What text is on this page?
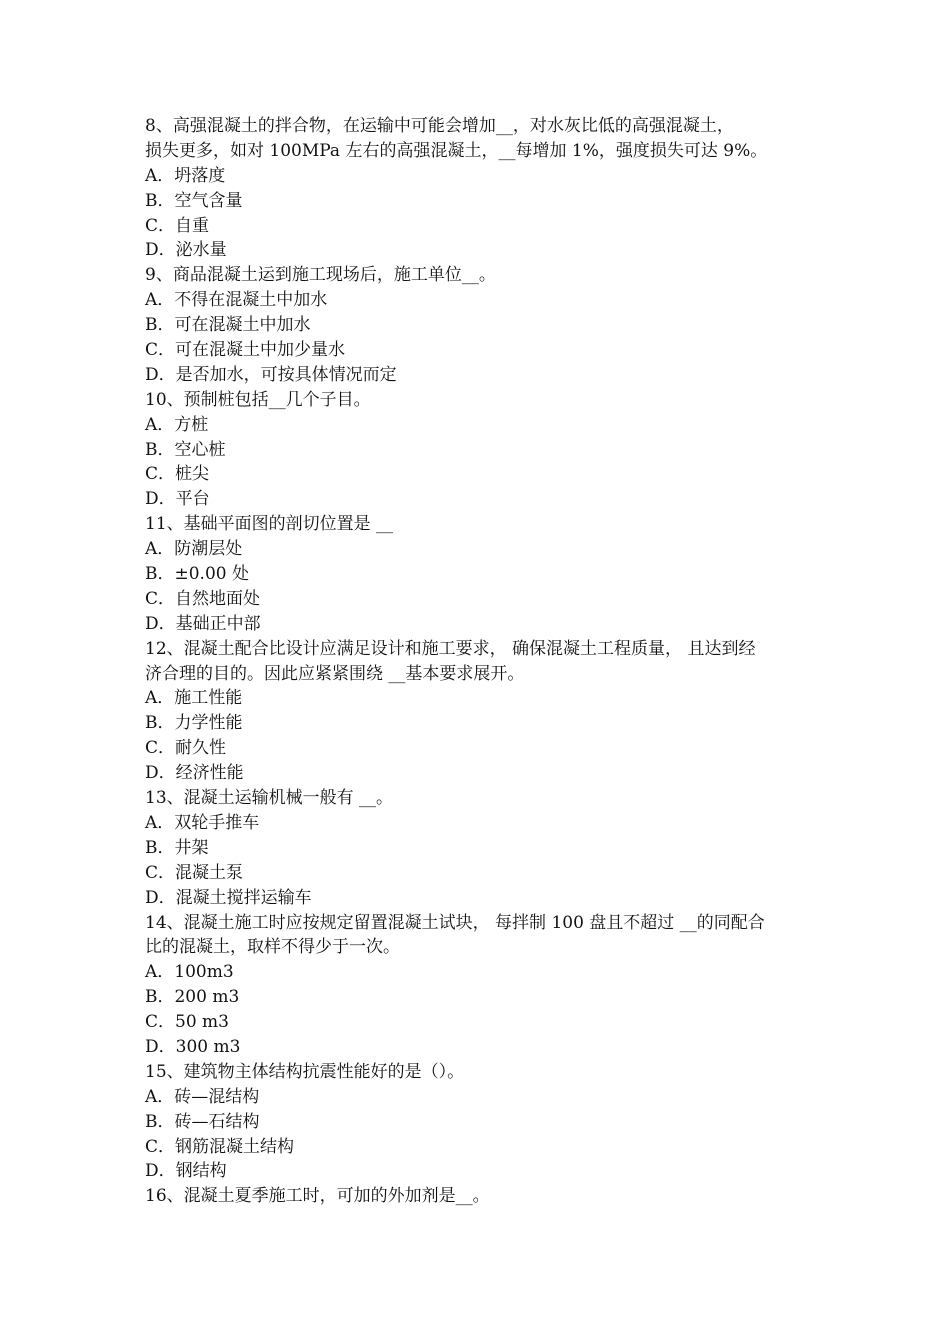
8、高强混凝土的拌合物，在运输中可能会增加__，对水灰比低的高强混凝土，
损失更多，如对 100MPa 左右的高强混凝土，__每增加 1%，强度损失可达 9%。
A．坍落度
B．空气含量
C．自重
D．泌水量
9、商品混凝土运到施工现场后，施工单位__。
A．不得在混凝土中加水
B．可在混凝土中加水
C．可在混凝土中加少量水
D．是否加水，可按具体情况而定
10、预制桩包括__几个子目。
A．方桩
B．空心桩
C．桩尖
D．平台
11、基础平面图的剖切位置是 __
A．防潮层处
B．±0.00 处
C．自然地面处
D．基础正中部
12、混凝土配合比设计应满足设计和施工要求， 确保混凝土工程质量， 且达到经
济合理的目的。因此应紧紧围绕 __基本要求展开。
A．施工性能
B．力学性能
C．耐久性
D．经济性能
13、混凝土运输机械一般有 __。
A．双轮手推车
B．井架
C．混凝土泵
D．混凝土搅拌运输车
14、混凝土施工时应按规定留置混凝土试块， 每拌制 100 盘且不超过 __的同配合
比的混凝土，取样不得少于一次。
A．100m3
B．200 m3
C．50 m3
D．300 m3
15、建筑物主体结构抗震性能好的是（）。
A．砖—混结构
B．砖—石结构
C．钢筋混凝土结构
D．钢结构
16、混凝土夏季施工时，可加的外加剂是__。
